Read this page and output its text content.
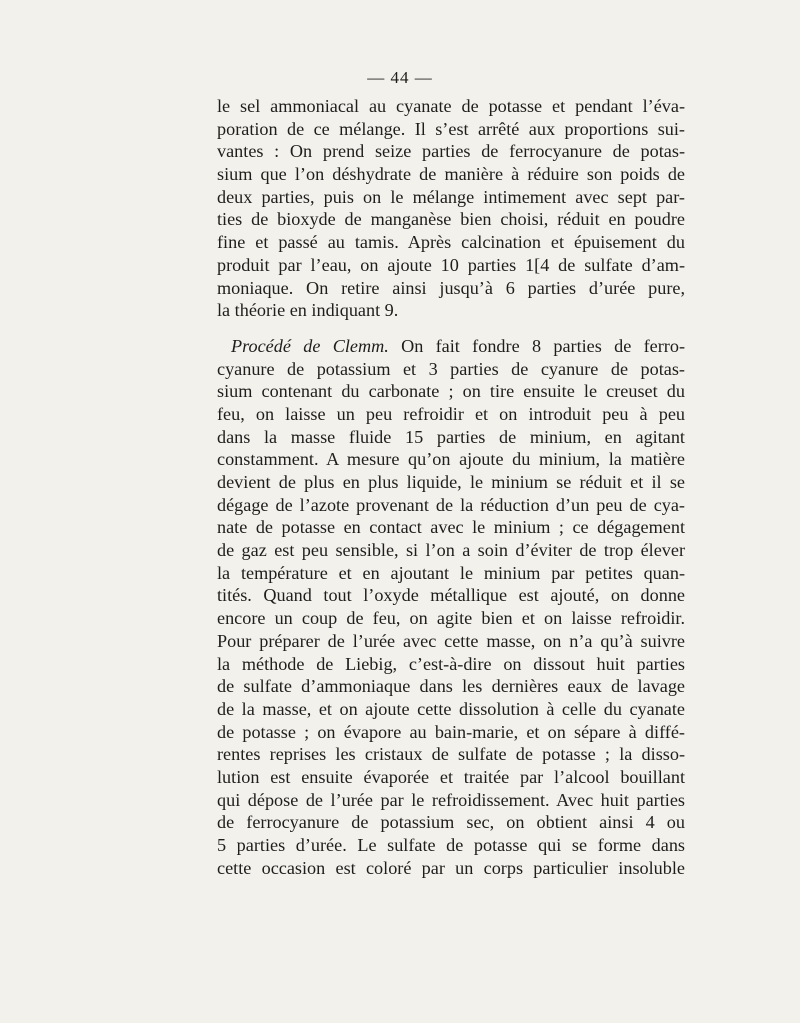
— 44 —
le sel ammoniacal au cyanate de potasse et pendant l’éva-
poration de ce mélange. Il s’est arrêté aux proportions sui-
vantes : On prend seize parties de ferrocyanure de potas-
sium que l’on déshydrate de manière à réduire son poids de
deux parties, puis on le mélange intimement avec sept par-
ties de bioxyde de manganèse bien choisi, réduit en poudre
fine et passé au tamis. Après calcination et épuisement du
produit par l’eau, on ajoute 10 parties 1[4 de sulfate d’am-
moniaque. On retire ainsi jusqu’à 6 parties d’urée pure,
la théorie en indiquant 9.
Procédé de Clemm. On fait fondre 8 parties de ferro-
cyanure de potassium et 3 parties de cyanure de potas-
sium contenant du carbonate ; on tire ensuite le creuset du
feu, on laisse un peu refroidir et on introduit peu à peu
dans la masse fluide 15 parties de minium, en agitant
constamment. A mesure qu’on ajoute du minium, la matière
devient de plus en plus liquide, le minium se réduit et il se
dégage de l’azote provenant de la réduction d’un peu de cya-
nate de potasse en contact avec le minium ; ce dégagement
de gaz est peu sensible, si l’on a soin d’éviter de trop élever
la température et en ajoutant le minium par petites quan-
tités. Quand tout l’oxyde métallique est ajouté, on donne
encore un coup de feu, on agite bien et on laisse refroidir.
Pour préparer de l’urée avec cette masse, on n’a qu’à suivre
la méthode de Liebig, c’est-à-dire on dissout huit parties
de sulfate d’ammoniaque dans les dernières eaux de lavage
de la masse, et on ajoute cette dissolution à celle du cyanate
de potasse ; on évapore au bain-marie, et on sépare à diffé-
rentes reprises les cristaux de sulfate de potasse ; la disso-
lution est ensuite évaporée et traitée par l’alcool bouillant
qui dépose de l’urée par le refroidissement. Avec huit parties
de ferrocyanure de potassium sec, on obtient ainsi 4 ou
5 parties d’urée. Le sulfate de potasse qui se forme dans
cette occasion est coloré par un corps particulier insoluble
